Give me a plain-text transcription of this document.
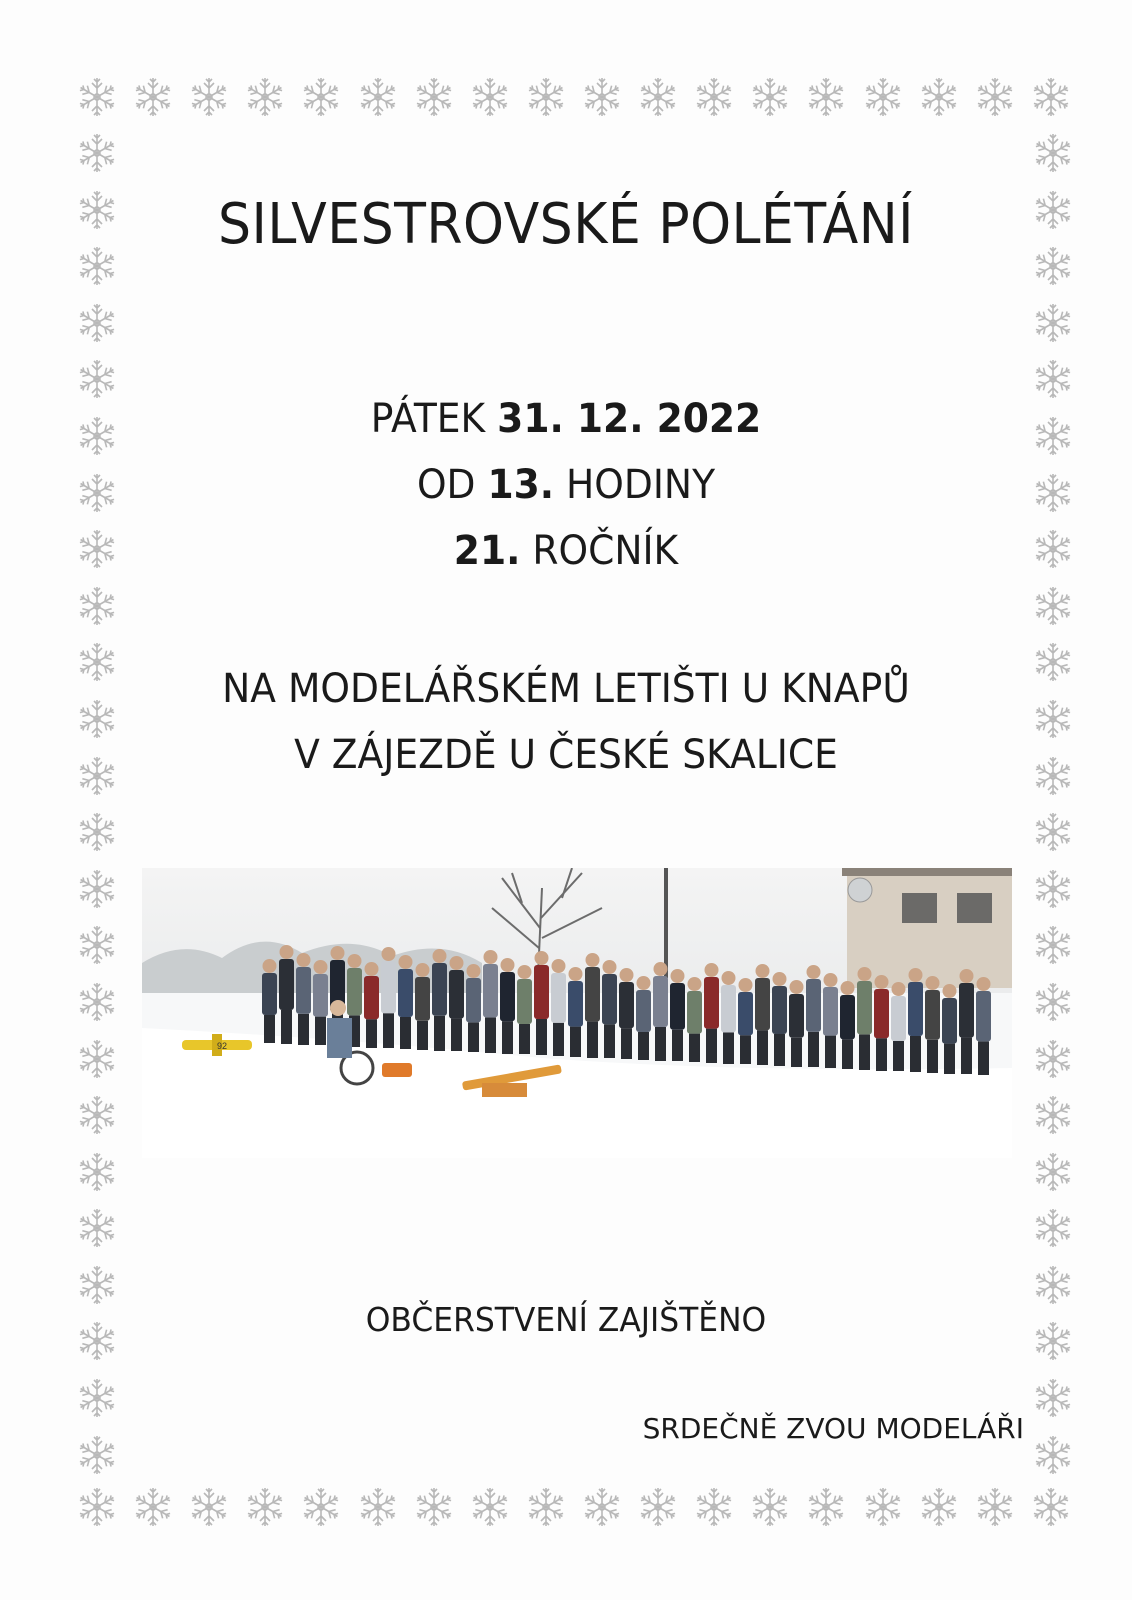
SILVESTROVSKÉ POLÉTÁNÍ
PÁTEK 31. 12. 2022
OD 13. HODINY
21. ROČNÍK
NA MODELÁŘSKÉM LETIŠTI U KNAPŮ
V ZÁJEZDĚ U ČESKÉ SKALICE
92
OBČERSTVENÍ ZAJIŠTĚNO
SRDEČNĚ ZVOU MODELÁŘI
